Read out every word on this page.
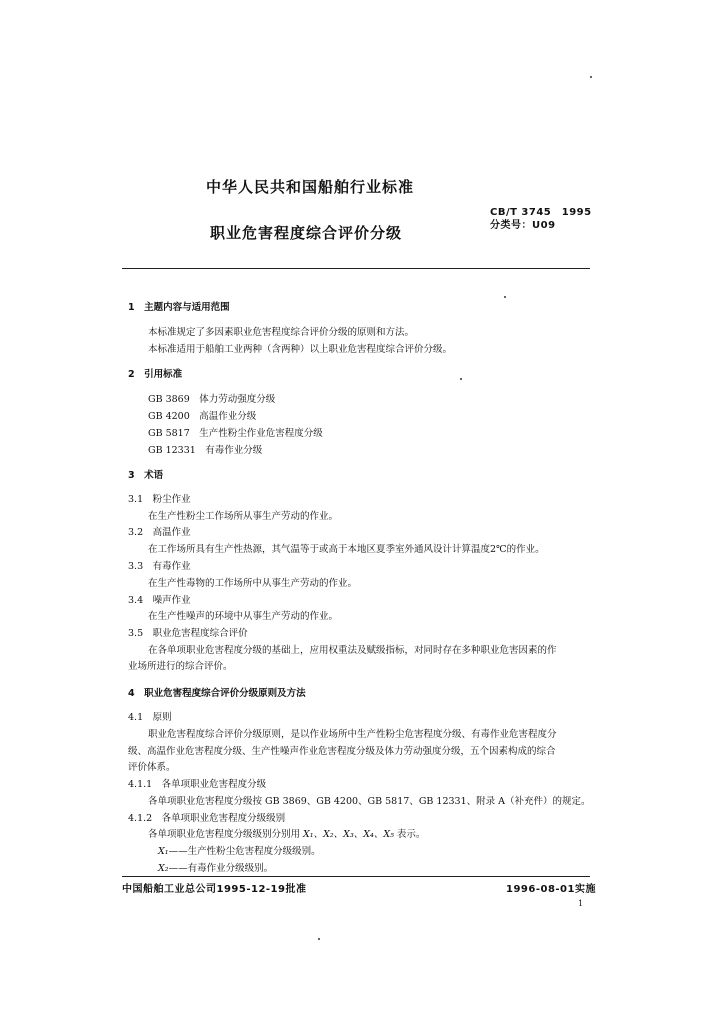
中华人民共和国船舶行业标准
CB/T 3745　1995
分类号：U09
职业危害程度综合评价分级
1　主题内容与适用范围
本标准规定了多因素职业危害程度综合评价分级的原则和方法。
本标准适用于船舶工业两种（含两种）以上职业危害程度综合评价分级。
2　引用标准
GB 3869　体力劳动强度分级
GB 4200　高温作业分级
GB 5817　生产性粉尘作业危害程度分级
GB 12331　有毒作业分级
3　术语
3.1　粉尘作业
在生产性粉尘工作场所从事生产劳动的作业。
3.2　高温作业
在工作场所具有生产性热源，其气温等于或高于本地区夏季室外通风设计计算温度2℃的作业。
3.3　有毒作业
在生产性毒物的工作场所中从事生产劳动的作业。
3.4　噪声作业
在生产性噪声的环境中从事生产劳动的作业。
3.5　职业危害程度综合评价
在各单项职业危害程度分级的基础上，应用权重法及赋级指标，对同时存在多种职业危害因素的作
业场所进行的综合评价。
4　职业危害程度综合评价分级原则及方法
4.1　原则
职业危害程度综合评价分级原则，是以作业场所中生产性粉尘危害程度分级、有毒作业危害程度分
级、高温作业危害程度分级、生产性噪声作业危害程度分级及体力劳动强度分级，五个因素构成的综合
评价体系。
4.1.1　各单项职业危害程度分级
各单项职业危害程度分级按 GB 3869、GB 4200、GB 5817、GB 12331、附录 A（补充件）的规定。
4.1.2　各单项职业危害程度分级级别
各单项职业危害程度分级级别分别用 X₁、X₂、X₃、X₄、X₅ 表示。
X₁——生产性粉尘危害程度分级级别。
X₂——有毒作业分级级别。
中国船舶工业总公司1995-12-19批准	1996-08-01实施
1
